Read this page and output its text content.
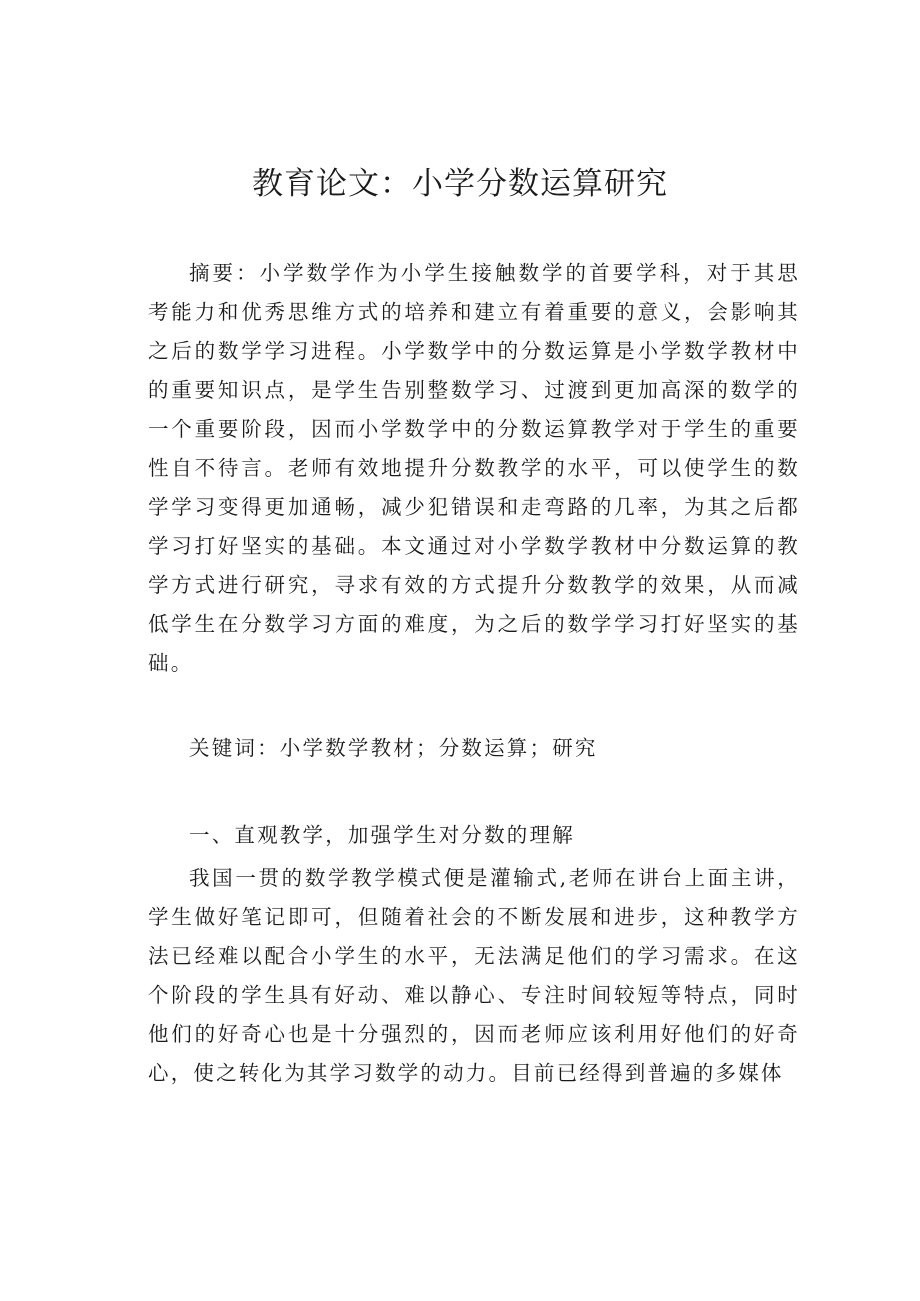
教育论文：小学分数运算研究

摘要：小学数学作为小学生接触数学的首要学科，对于其思考能力和优秀思维方式的培养和建立有着重要的意义，会影响其之后的数学学习进程。小学数学中的分数运算是小学数学教材中的重要知识点，是学生告别整数学习、过渡到更加高深的数学的一个重要阶段，因而小学数学中的分数运算教学对于学生的重要性自不待言。老师有效地提升分数教学的水平，可以使学生的数学学习变得更加通畅，减少犯错误和走弯路的几率，为其之后都学习打好坚实的基础。本文通过对小学数学教材中分数运算的教学方式进行研究，寻求有效的方式提升分数教学的效果，从而减低学生在分数学习方面的难度，为之后的数学学习打好坚实的基础。

关键词：小学数学教材；分数运算；研究

一、直观教学，加强学生对分数的理解

我国一贯的数学教学模式便是灌输式,老师在讲台上面主讲，学生做好笔记即可，但随着社会的不断发展和进步，这种教学方法已经难以配合小学生的水平，无法满足他们的学习需求。在这个阶段的学生具有好动、难以静心、专注时间较短等特点，同时他们的好奇心也是十分强烈的，因而老师应该利用好他们的好奇心，使之转化为其学习数学的动力。目前已经得到普遍的多媒体
